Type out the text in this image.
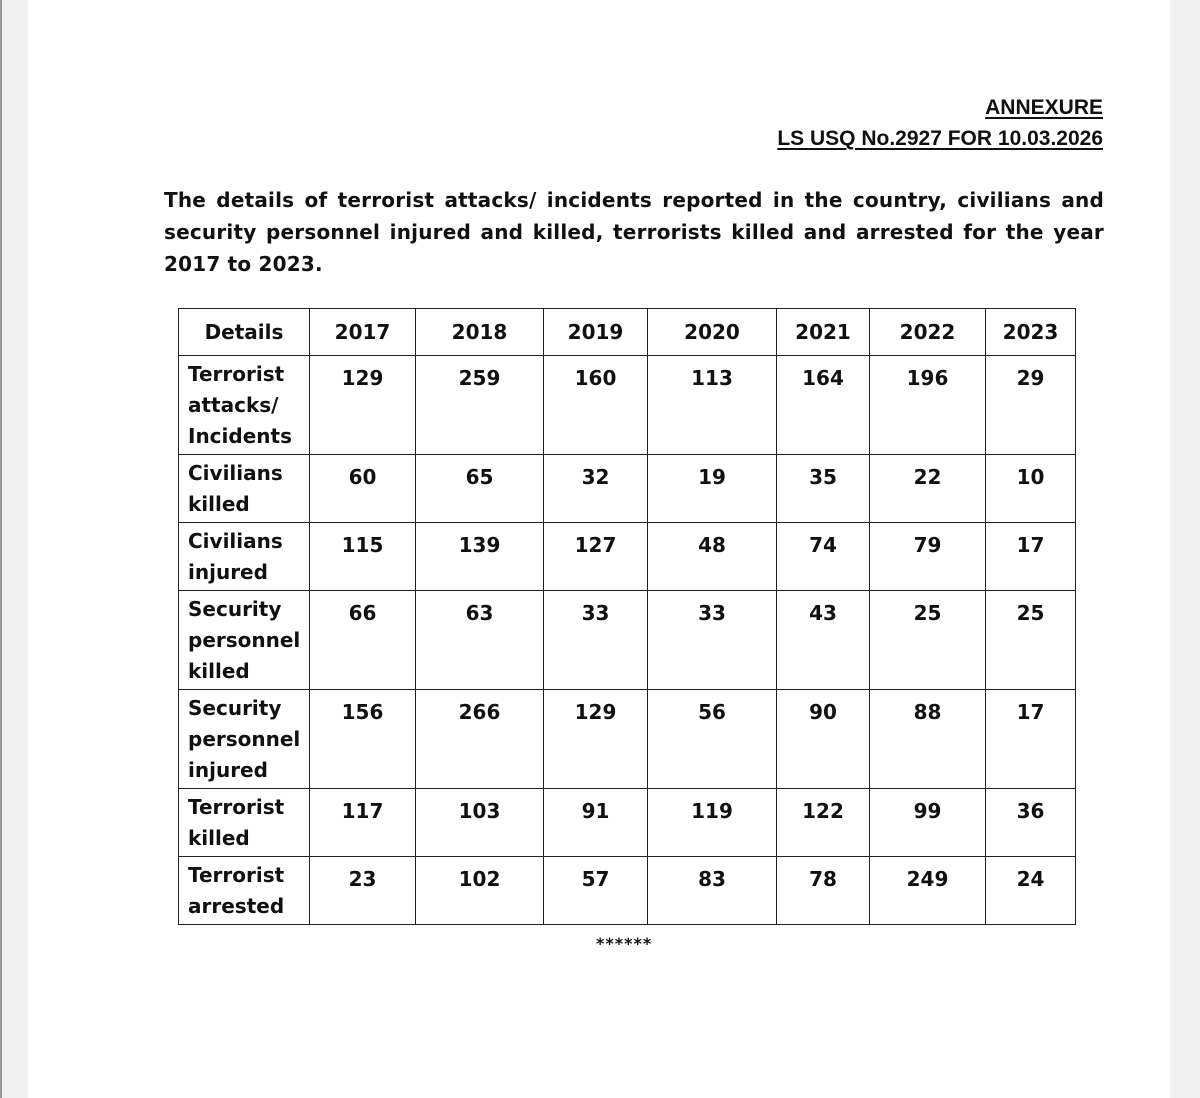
ANNEXURE
LS USQ No.2927 FOR 10.03.2026
The details of terrorist attacks/ incidents reported in the country, civilians and security personnel injured and killed, terrorists killed and arrested for the year 2017 to 2023.
Details	2017	2018	2019	2020	2021	2022	2023
Terrorist
attacks/
Incidents	129	259	160	113	164	196	29
Civilians
killed	60	65	32	19	35	22	10
Civilians
injured	115	139	127	48	74	79	17
Security
personnel
killed	66	63	33	33	43	25	25
Security
personnel
injured	156	266	129	56	90	88	17
Terrorist
killed	117	103	91	119	122	99	36
Terrorist
arrested	23	102	57	83	78	249	24
******
